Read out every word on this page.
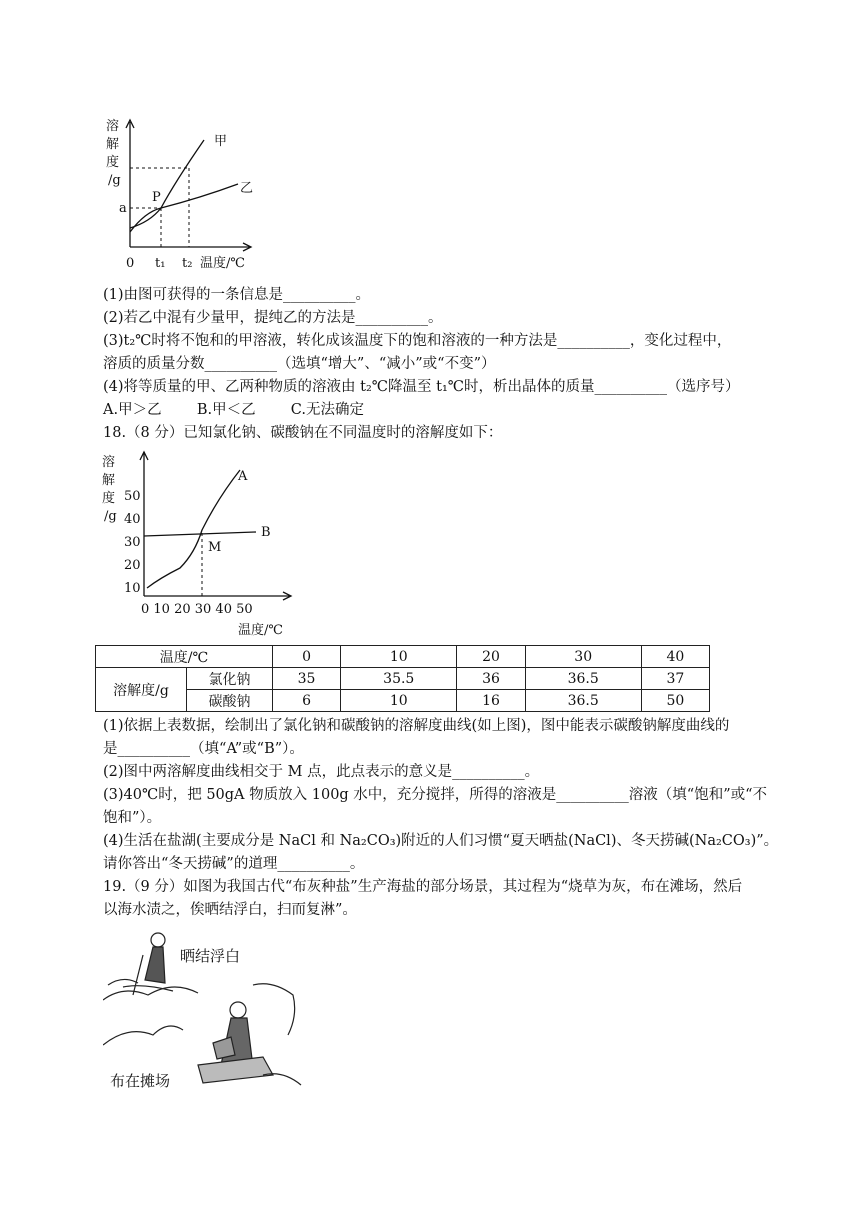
溶
解
度
/g
a
P
甲
乙
0 t₁ t₂ 温度/℃
(1)由图可获得的一条信息是__________。
(2)若乙中混有少量甲，提纯乙的方法是__________。
(3)t₂℃时将不饱和的甲溶液，转化成该温度下的饱和溶液的一种方法是__________，变化过程中，
溶质的质量分数__________（选填“增大”、“减小”或“不变”）
(4)将等质量的甲、乙两种物质的溶液由 t₂℃降温至 t₁℃时，析出晶体的质量__________（选序号）
A.甲＞乙 B.甲＜乙 C.无法确定
18.（8 分）已知氯化钠、碳酸钠在不同温度时的溶解度如下：
溶
解
度
/g
50
40
30
20
10
0 10 20 30 40 50
温度/℃
M
A
B
温度/℃		0	10	20	30	40
溶解度/g	氯化钠	35	35.5	36	36.5	37
	碳酸钠	6	10	16	36.5	50
(1)依据上表数据，绘制出了氯化钠和碳酸钠的溶解度曲线(如上图)，图中能表示碳酸钠解度曲线的
是__________（填“A”或“B”）。
(2)图中两溶解度曲线相交于 M 点，此点表示的意义是__________。
(3)40℃时，把 50gA 物质放入 100g 水中，充分搅拌，所得的溶液是__________溶液（填“饱和”或“不
饱和”）。
(4)生活在盐湖(主要成分是 NaCl 和 Na₂CO₃)附近的人们习惯“夏天晒盐(NaCl)、冬天捞碱(Na₂CO₃)”。
请你答出“冬天捞碱”的道理__________。
19.（9 分）如图为我国古代“布灰种盐”生产海盐的部分场景，其过程为“烧草为灰，布在滩场，然后
以海水渍之，俟晒结浮白，扫而复淋”。
晒结浮白
布在摊场
